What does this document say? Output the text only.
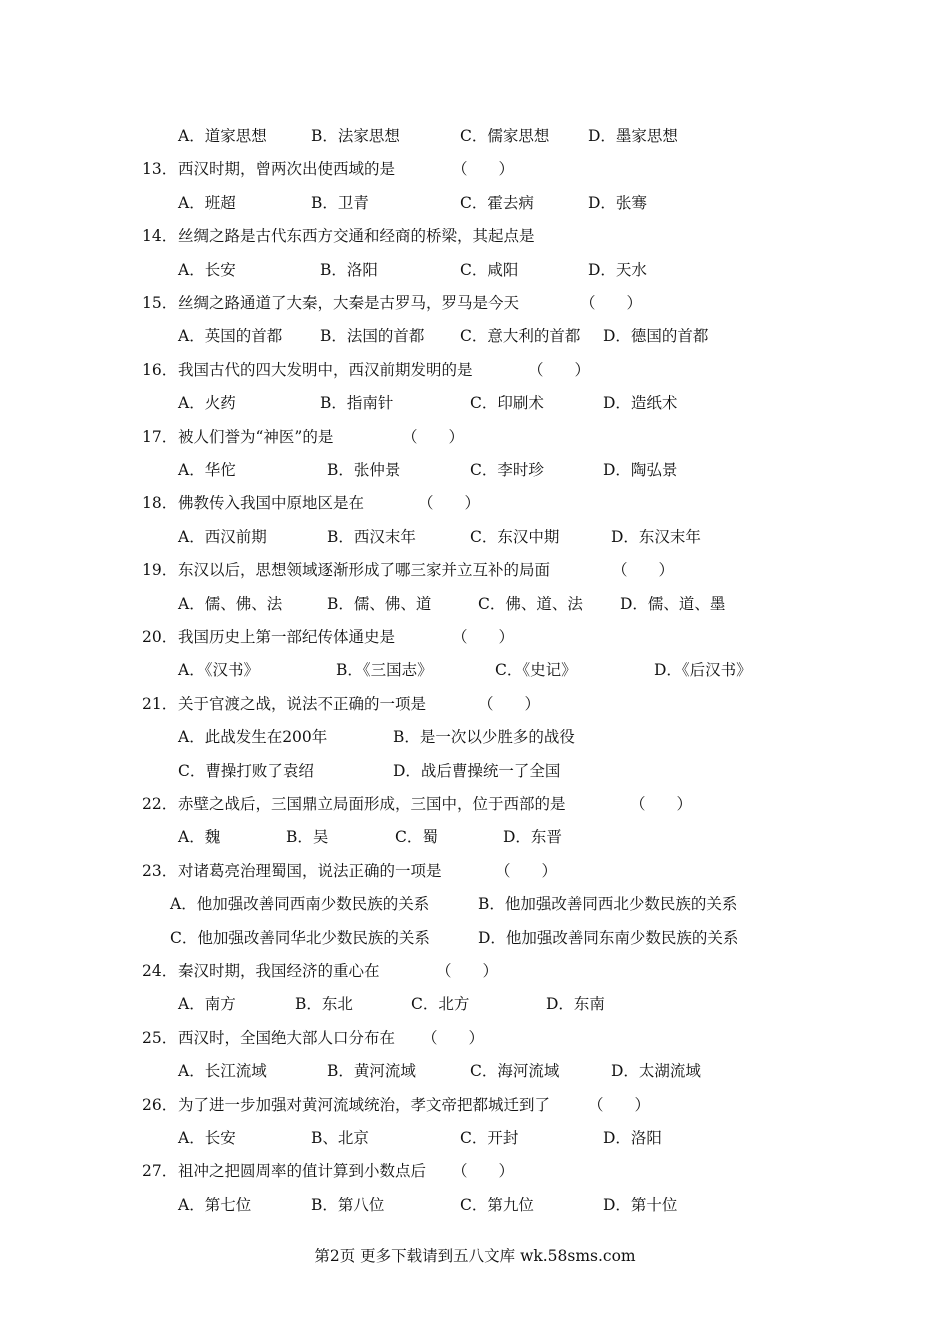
A．道家思想	B．法家思想	C．儒家思想 D．墨家思想
13． 西汉时期，曾两次出使西域的是	（　　）
A．班超	B．卫青	C．霍去病	D．张骞
14． 丝绸之路是古代东西方交通和经商的桥梁，其起点是
A．长安	B．洛阳	C．咸阳	D．天水
15． 丝绸之路通道了大秦，大秦是古罗马，罗马是今天	（　　）
A．英国的首都 B．法国的首都 C．意大利的首都 D．德国的首都
16． 我国古代的四大发明中，西汉前期发明的是	（　　）
A．火药	B．指南针	C．印刷术	D．造纸术
17． 被人们誉为“神医”的是	（　　）
A．华佗	B．张仲景	C．李时珍	D．陶弘景
18． 佛教传入我国中原地区是在	（　　）
A．西汉前期	B．西汉末年	C．东汉中期	D．东汉末年
19． 东汉以后，思想领域逐渐形成了哪三家并立互补的局面	（　　）
A．儒、佛、法	B．儒、佛、道	C．佛、道、法 D．儒、道、墨
20． 我国历史上第一部纪传体通史是	（　　）
A．《汉书》	B．《三国志》	C．《史记》	D．《后汉书》
21． 关于官渡之战，说法不正确的一项是	（　　）
A．此战发生在200年	B．是一次以少胜多的战役
C．曹操打败了袁绍	D．战后曹操统一了全国
22． 赤壁之战后，三国鼎立局面形成，三国中，位于西部的是	（　　）
A．魏	B．吴	C．蜀	D．东晋
23． 对诸葛亮治理蜀国，说法正确的一项是	（　　）
A．他加强改善同西南少数民族的关系	B．他加强改善同西北少数民族的关系
C．他加强改善同华北少数民族的关系	D．他加强改善同东南少数民族的关系
24． 秦汉时期，我国经济的重心在	（　　）
A．南方	B．东北	C．北方	D．东南
25． 西汉时，全国绝大部人口分布在 （　　）
A．长江流域	B．黄河流域	C．海河流域	D．太湖流域
26． 为了进一步加强对黄河流域统治，孝文帝把都城迁到了 （　　）
A．长安	B、北京	C．开封	D．洛阳
27． 祖冲之把圆周率的值计算到小数点后 （　　）
A．第七位	B．第八位	C．第九位	D．第十位
第2页 更多下载请到五八文库 wk.58sms.com
